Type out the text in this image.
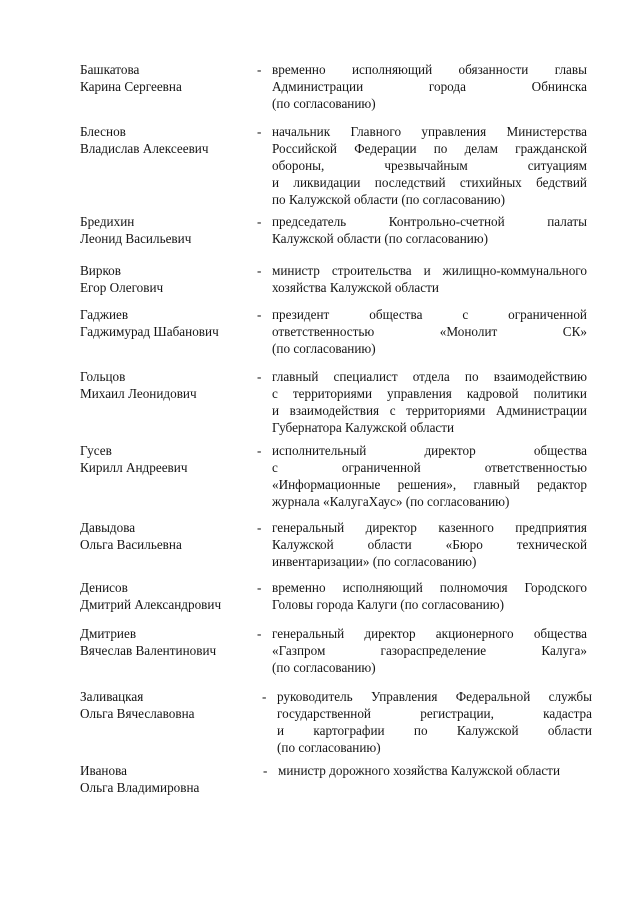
Башкатова
Карина Сергеевна
- временно исполняющий обязанности главы
Администрации города Обнинска
(по согласованию)
Блеснов
Владислав Алексеевич
- начальник Главного управления Министерства
Российской Федерации по делам гражданской
обороны, чрезвычайным ситуациям
и ликвидации последствий стихийных бедствий
по Калужской области (по согласованию)
Бредихин
Леонид Васильевич
- председатель Контрольно-счетной палаты
Калужской области (по согласованию)
Вирков
Егор Олегович
- министр строительства и жилищно-коммунального
хозяйства Калужской области
Гаджиев
Гаджимурад Шабанович
- президент общества с ограниченной
ответственностью «Монолит СК»
(по согласованию)
Гольцов
Михаил Леонидович
- главный специалист отдела по взаимодействию
с территориями управления кадровой политики
и взаимодействия с территориями Администрации
Губернатора Калужской области
Гусев
Кирилл Андреевич
- исполнительный директор общества
с ограниченной ответственностью
«Информационные решения», главный редактор
журнала «КалугаХаус» (по согласованию)
Давыдова
Ольга Васильевна
- генеральный директор казенного предприятия
Калужской области «Бюро технической
инвентаризации» (по согласованию)
Денисов
Дмитрий Александрович
- временно исполняющий полномочия Городского
Головы города Калуги (по согласованию)
Дмитриев
Вячеслав Валентинович
- генеральный директор акционерного общества
«Газпром газораспределение Калуга»
(по согласованию)
Заливацкая
Ольга Вячеславовна
- руководитель Управления Федеральной службы
государственной регистрации, кадастра
и картографии по Калужской области
(по согласованию)
Иванова
Ольга Владимировна
- министр дорожного хозяйства Калужской области
